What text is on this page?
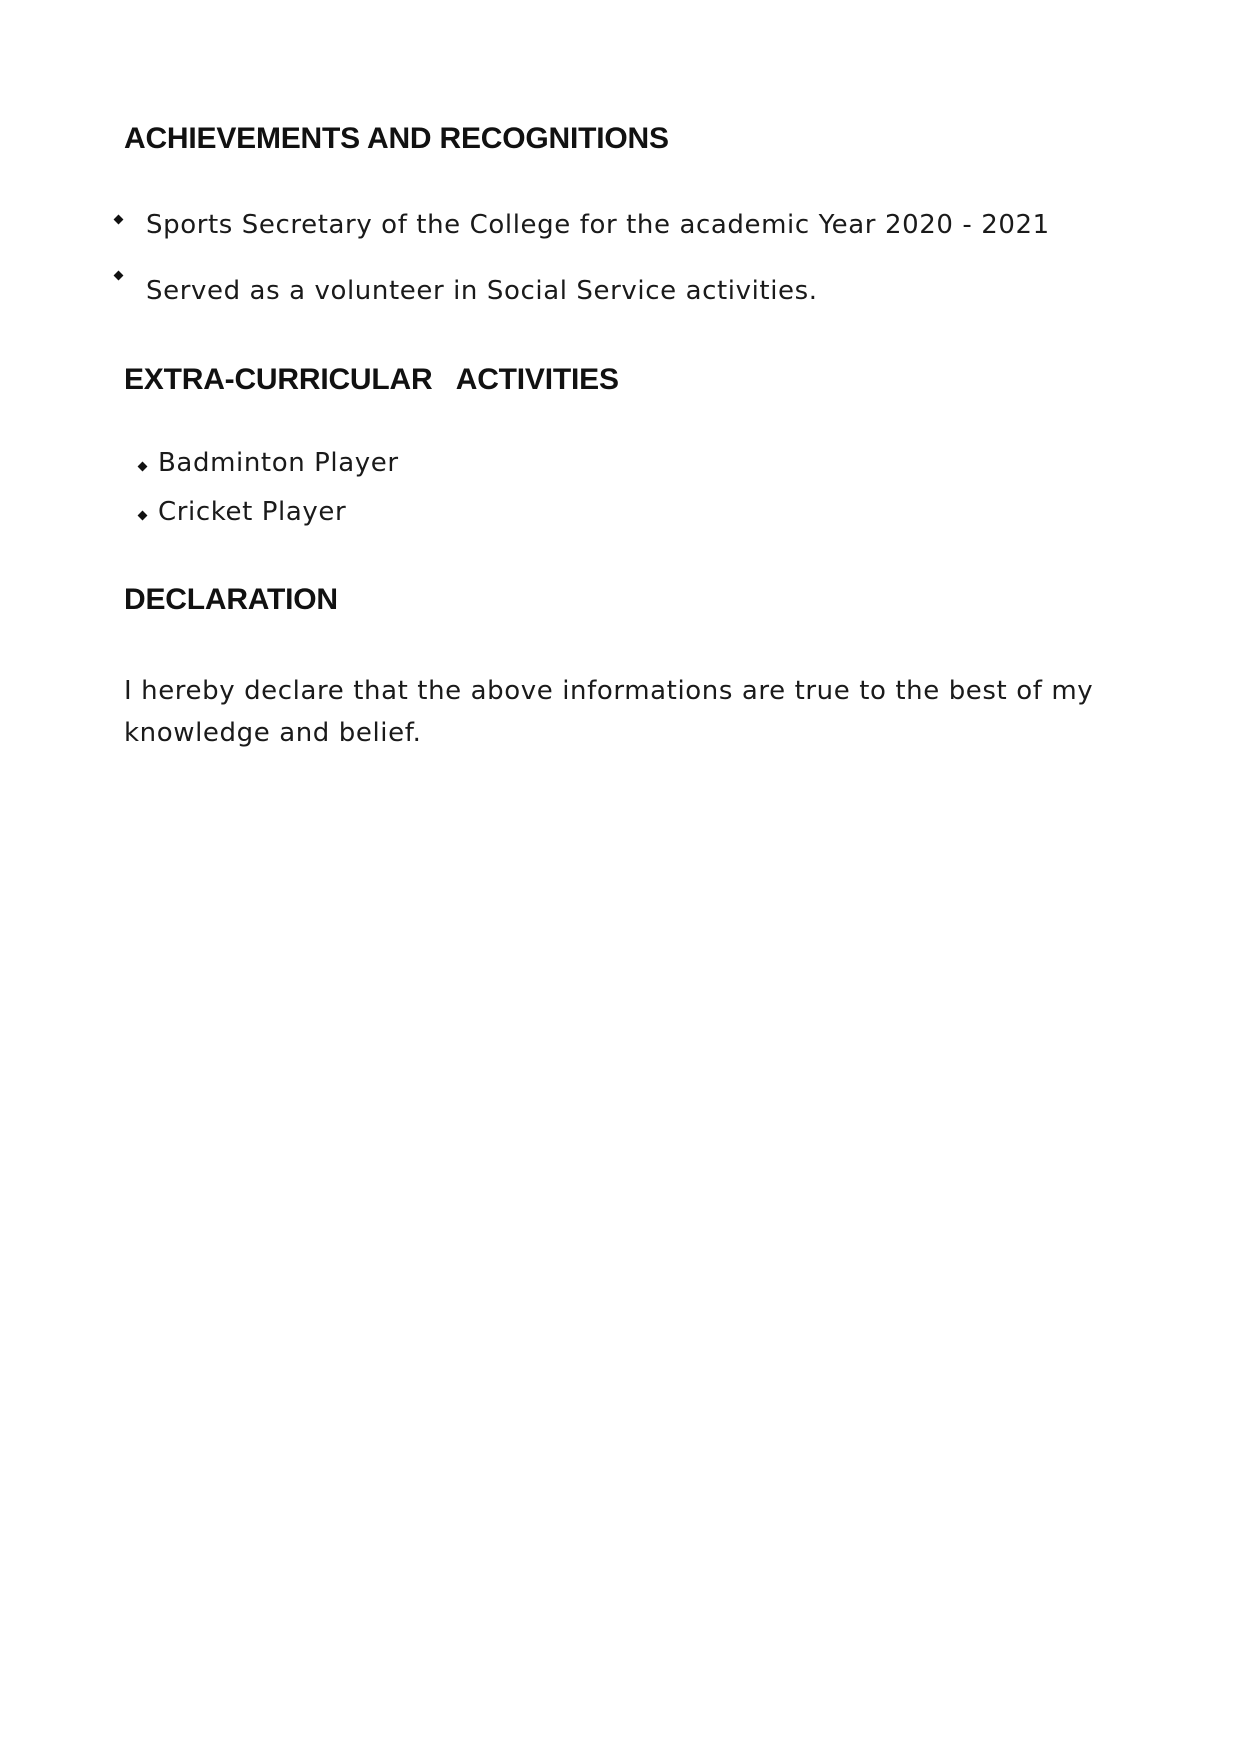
ACHIEVEMENTS AND RECOGNITIONS
Sports Secretary of the College for the academic Year 2020 - 2021
Served as a volunteer in Social Service activities.
EXTRA-CURRICULAR   ACTIVITIES
Badminton Player
Cricket Player
DECLARATION

I hereby declare that the above informations are true to the best of my knowledge and belief.
